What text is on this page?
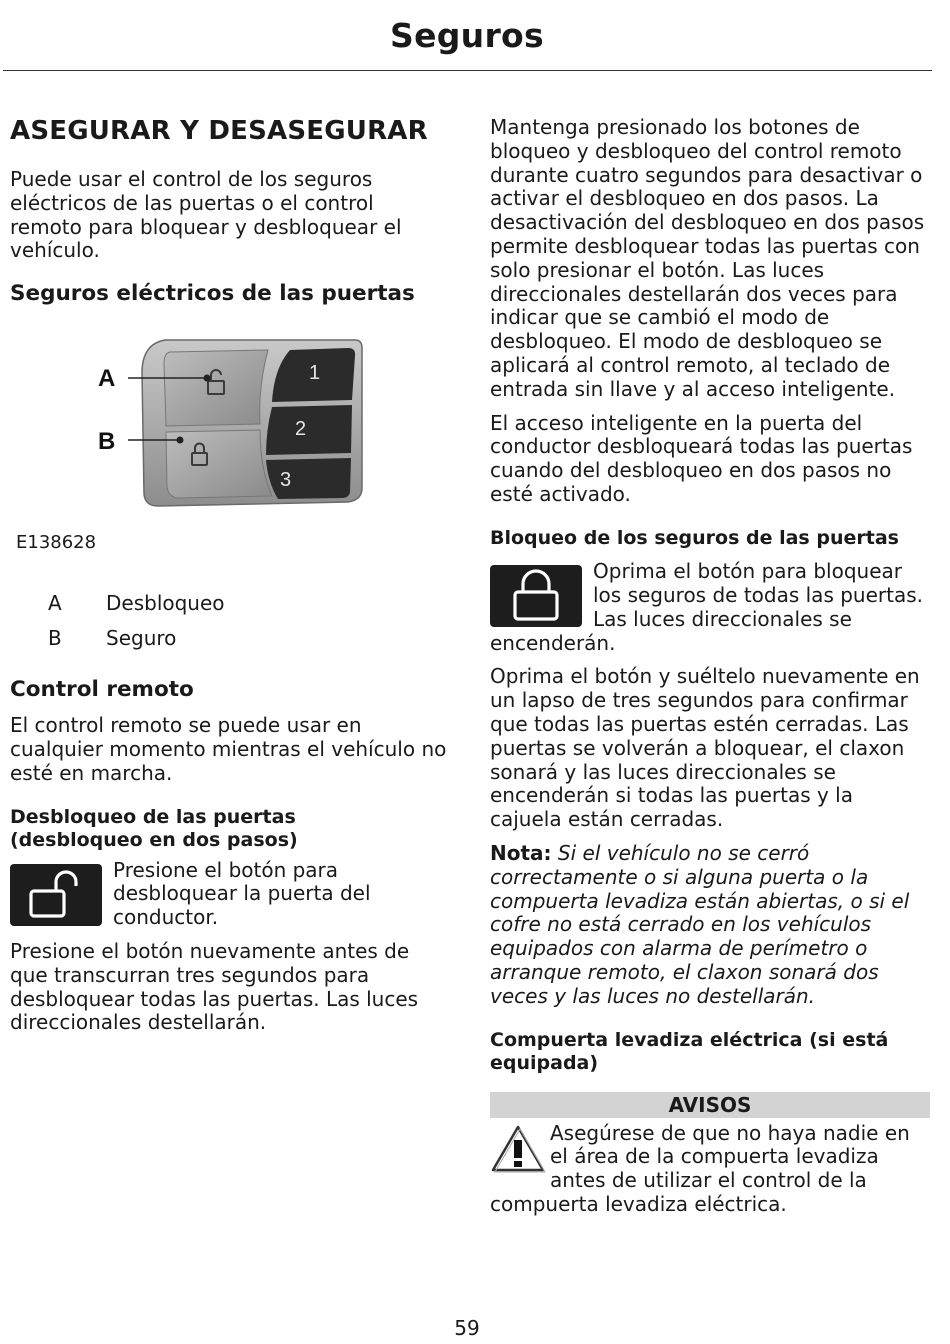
Seguros
ASEGURAR Y DESASEGURAR

Puede usar el control de los seguros eléctricos de las puertas o el control remoto para bloquear y desbloquear el vehículo.

Seguros eléctricos de las puertas
A
B
1
2
3
E138628
A	Desbloqueo
B	Seguro
Control remoto

El control remoto se puede usar en cualquier momento mientras el vehículo no esté en marcha.

Desbloqueo de las puertas
(desbloqueo en dos pasos)

Presione el botón para desbloquear la puerta del conductor.

Presione el botón nuevamente antes de que transcurran tres segundos para desbloquear todas las puertas. Las luces direccionales destellarán.

Mantenga presionado los botones de bloqueo y desbloqueo del control remoto durante cuatro segundos para desactivar o activar el desbloqueo en dos pasos. La desactivación del desbloqueo en dos pasos permite desbloquear todas las puertas con solo presionar el botón. Las luces direccionales destellarán dos veces para indicar que se cambió el modo de desbloqueo. El modo de desbloqueo se aplicará al control remoto, al teclado de entrada sin llave y al acceso inteligente.

El acceso inteligente en la puerta del conductor desbloqueará todas las puertas cuando del desbloqueo en dos pasos no esté activado.

Bloqueo de los seguros de las puertas

Oprima el botón para bloquear los seguros de todas las puertas. Las luces direccionales se encenderán.

Oprima el botón y suéltelo nuevamente en un lapso de tres segundos para confirmar que todas las puertas estén cerradas. Las puertas se volverán a bloquear, el claxon sonará y las luces direccionales se encenderán si todas las puertas y la cajuela están cerradas.

Nota: Si el vehículo no se cerró correctamente o si alguna puerta o la compuerta levadiza están abiertas, o si el cofre no está cerrado en los vehículos equipados con alarma de perímetro o arranque remoto, el claxon sonará dos veces y las luces no destellarán.

Compuerta levadiza eléctrica (si está equipada)
AVISOS

Asegúrese de que no haya nadie en el área de la compuerta levadiza antes de utilizar el control de la compuerta levadiza eléctrica.

59
